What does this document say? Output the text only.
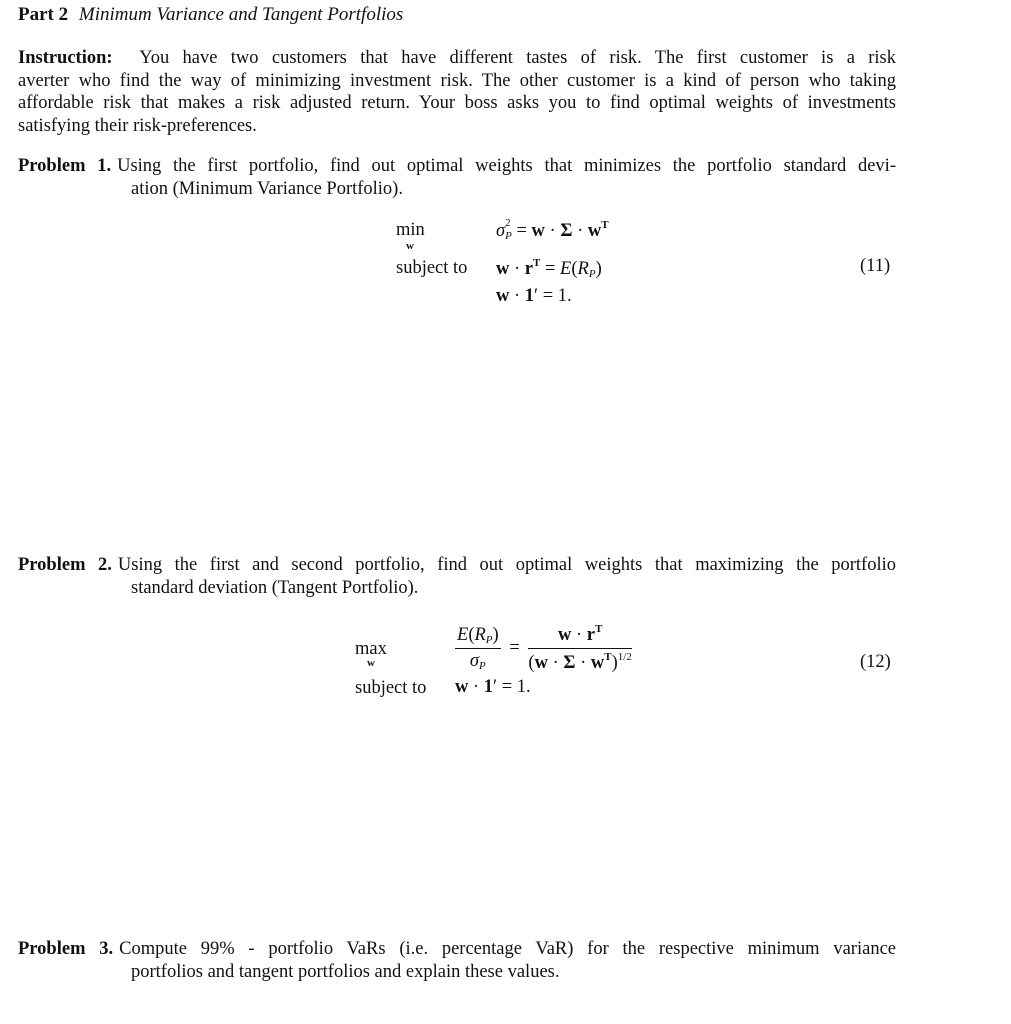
Part 2 Minimum Variance and Tangent Portfolios
Instruction: You have two customers that have different tastes of risk. The first customer is a risk
averter who find the way of minimizing investment risk. The other customer is a kind of person who taking
affordable risk that makes a risk adjusted return. Your boss asks you to find optimal weights of investments
satisfying their risk-preferences.
Problem 1. Using the first portfolio, find out optimal weights that minimizes the portfolio standard devi-
ation (Minimum Variance Portfolio).
min
w
$\sigma^2_P = w \cdot \Sigma \cdot w^T$
subject to $w \cdot r^T = E(R_P)$
w · 1′ = 1.
(11)
Problem 2. Using the first and second portfolio, find out optimal weights that maximizing the portfolio
standard deviation (Tangent Portfolio).
max
w	$\frac{E(R_P)}{\sigma_P} = \frac{w \cdot r^T}{(w \cdot \Sigma \cdot w^T)^{1/2}}$
subject to w · 1′ = 1.
(12)
Problem 3. Compute 99% - portfolio VaRs (i.e. percentage VaR) for the respective minimum variance
portfolios and tangent portfolios and explain these values.
